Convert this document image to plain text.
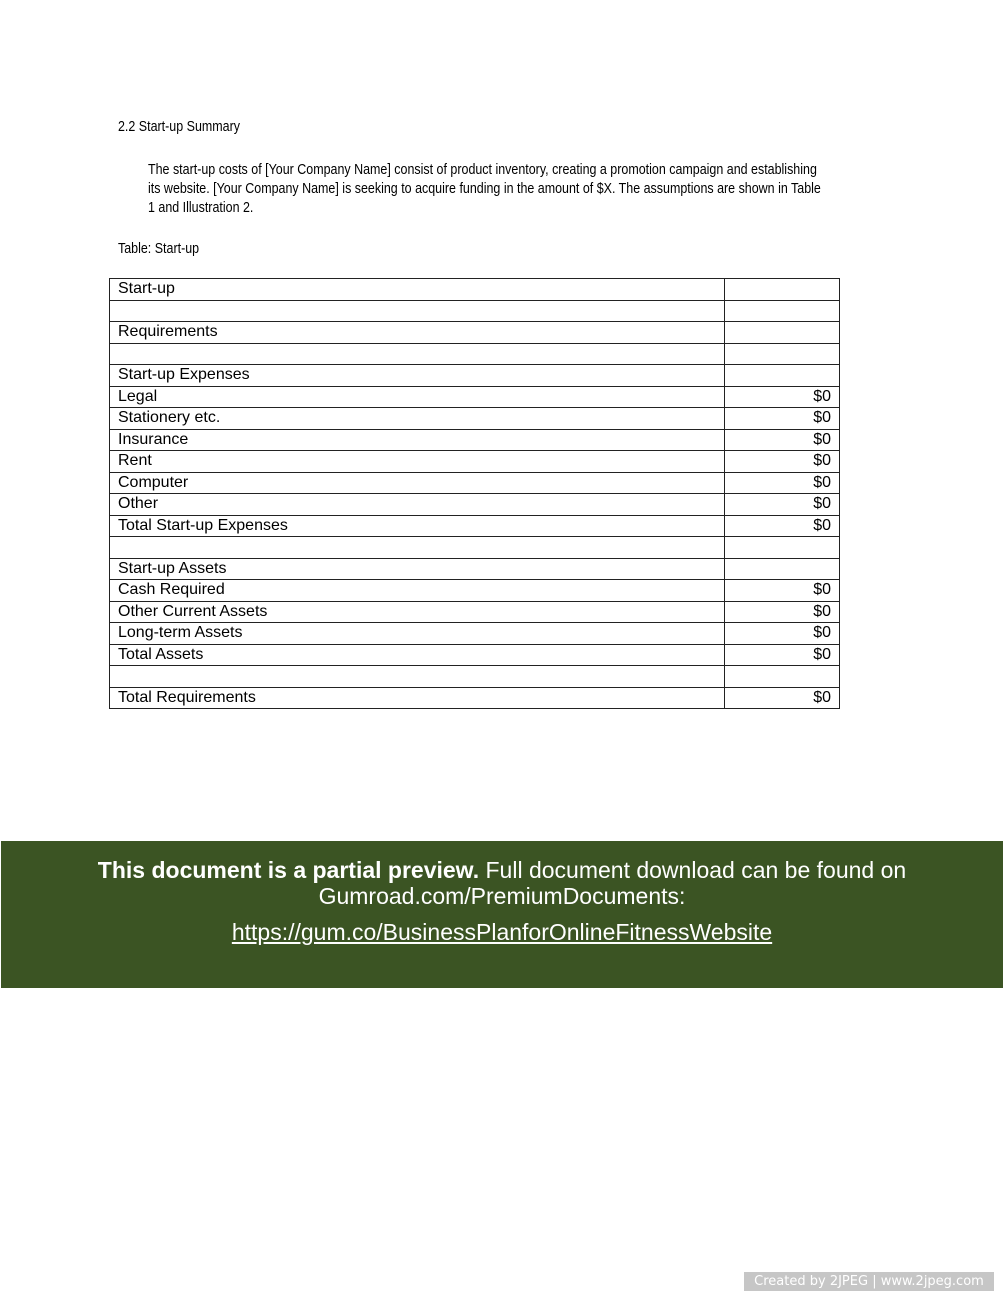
2.2 Start-up Summary
The start-up costs of [Your Company Name] consist of product inventory, creating a promotion campaign and establishing
its website. [Your Company Name] is seeking to acquire funding in the amount of $X. The assumptions are shown in Table
1 and Illustration 2.
Table: Start-up
Start-up	

Requirements	

Start-up Expenses	
Legal	$0
Stationery etc.	$0
Insurance	$0
Rent	$0
Computer	$0
Other	$0
Total Start-up Expenses	$0

Start-up Assets	
Cash Required	$0
Other Current Assets	$0
Long-term Assets	$0
Total Assets	$0

Total Requirements	$0
This document is a partial preview. Full document download can be found on
Gumroad.com/PremiumDocuments:
https://gum.co/BusinessPlanforOnlineFitnessWebsite
Created by 2JPEG | www.2jpeg.com
